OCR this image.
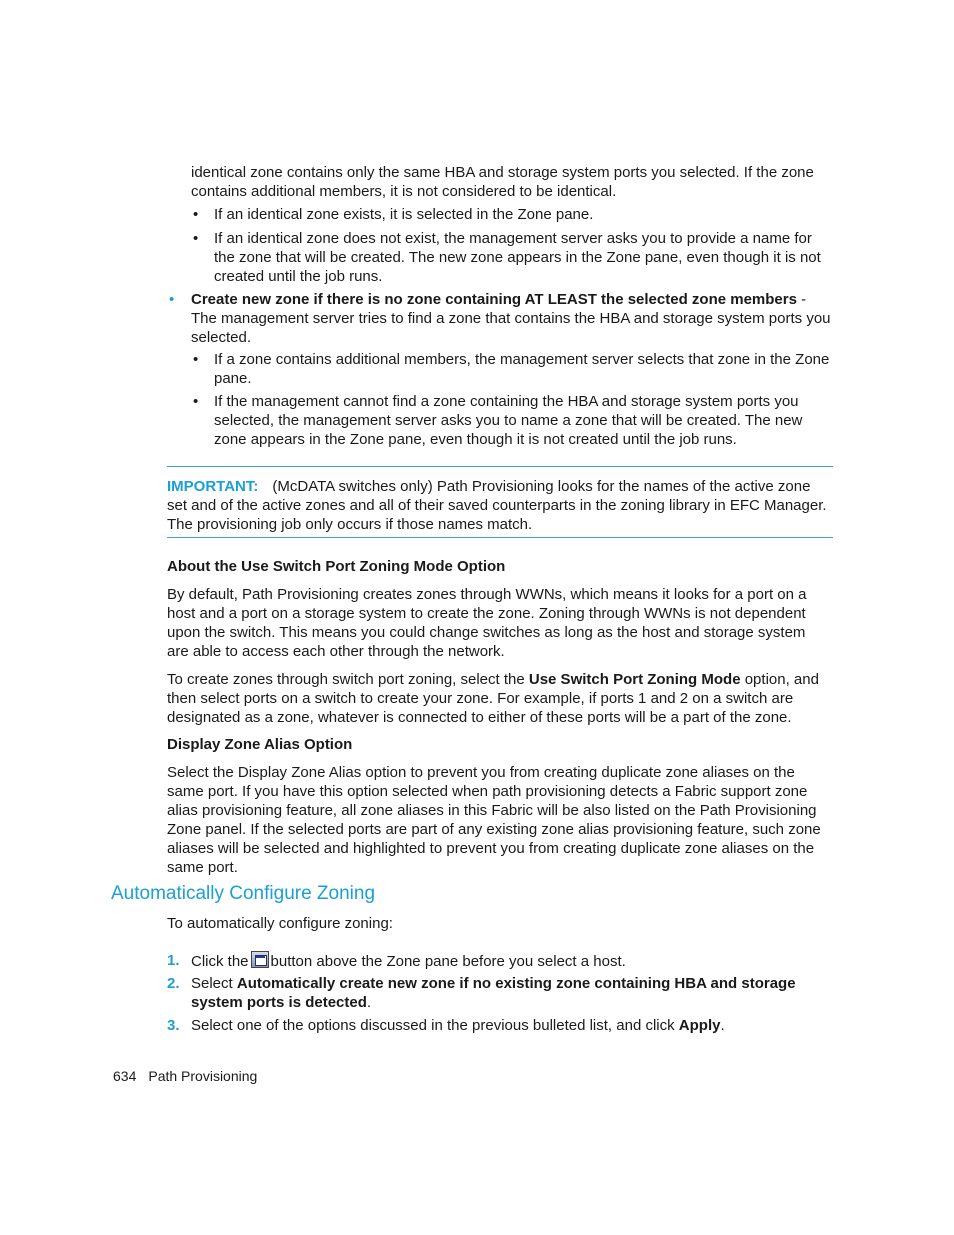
identical zone contains only the same HBA and storage system ports you selected. If the zone contains additional members, it is not considered to be identical.

• If an identical zone exists, it is selected in the Zone pane.

• If an identical zone does not exist, the management server asks you to provide a name for the zone that will be created. The new zone appears in the Zone pane, even though it is not created until the job runs.

• Create new zone if there is no zone containing AT LEAST the selected zone members - The management server tries to find a zone that contains the HBA and storage system ports you selected.

• If a zone contains additional members, the management server selects that zone in the Zone pane.

• If the management cannot find a zone containing the HBA and storage system ports you selected, the management server asks you to name a zone that will be created. The new zone appears in the Zone pane, even though it is not created until the job runs.

IMPORTANT: (McDATA switches only) Path Provisioning looks for the names of the active zone set and of the active zones and all of their saved counterparts in the zoning library in EFC Manager. The provisioning job only occurs if those names match.

About the Use Switch Port Zoning Mode Option

By default, Path Provisioning creates zones through WWNs, which means it looks for a port on a host and a port on a storage system to create the zone. Zoning through WWNs is not dependent upon the switch. This means you could change switches as long as the host and storage system are able to access each other through the network.

To create zones through switch port zoning, select the Use Switch Port Zoning Mode option, and then select ports on a switch to create your zone. For example, if ports 1 and 2 on a switch are designated as a zone, whatever is connected to either of these ports will be a part of the zone.

Display Zone Alias Option

Select the Display Zone Alias option to prevent you from creating duplicate zone aliases on the same port. If you have this option selected when path provisioning detects a Fabric support zone alias provisioning feature, all zone aliases in this Fabric will be also listed on the Path Provisioning Zone panel. If the selected ports are part of any existing zone alias provisioning feature, such zone aliases will be selected and highlighted to prevent you from creating duplicate zone aliases on the same port.

Automatically Configure Zoning

To automatically configure zoning:

1. Click the button above the Zone pane before you select a host.

2. Select Automatically create new zone if no existing zone containing HBA and storage system ports is detected.

3. Select one of the options discussed in the previous bulleted list, and click Apply.

634 Path Provisioning
